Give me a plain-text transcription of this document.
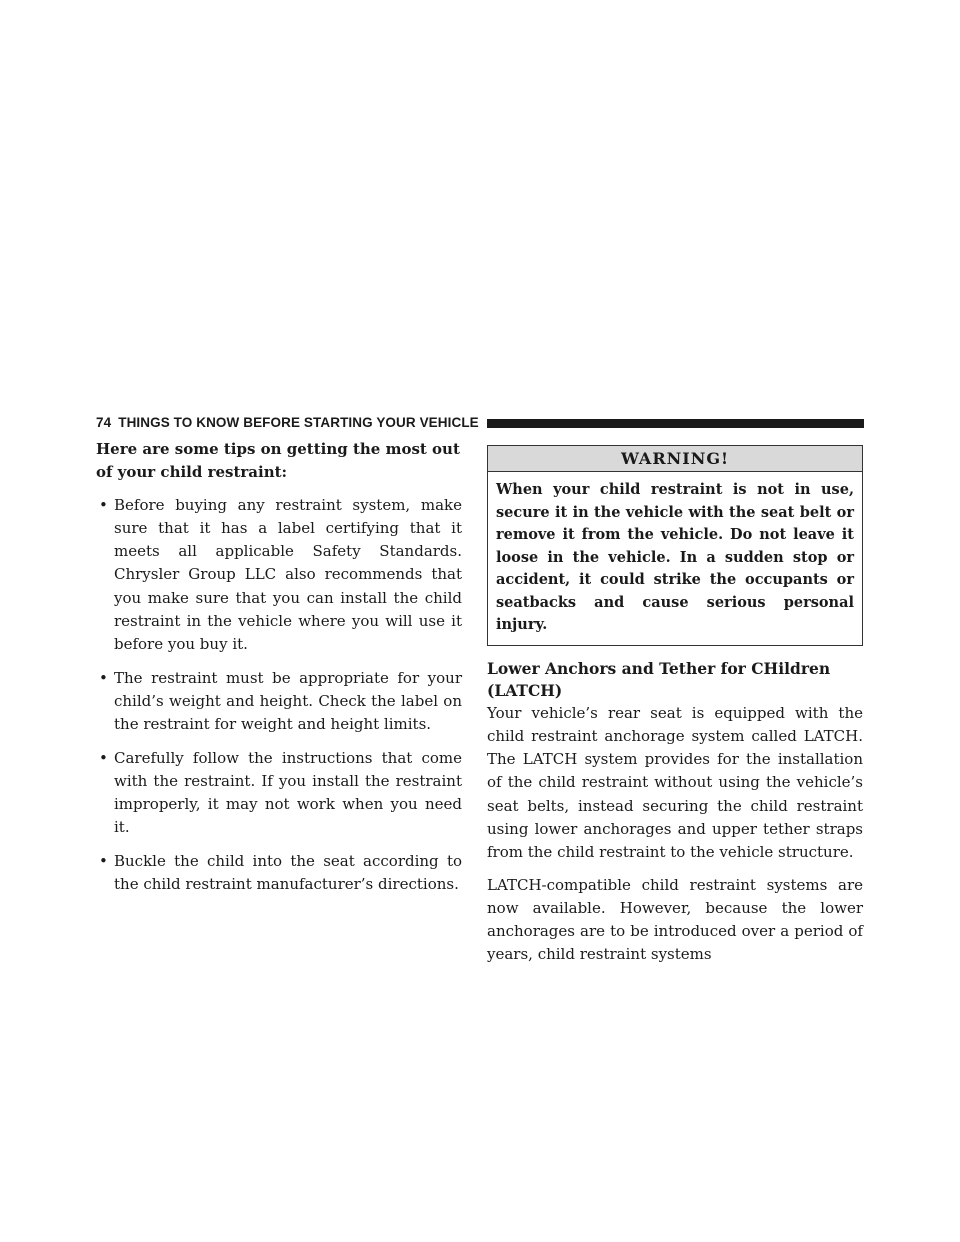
74 THINGS TO KNOW BEFORE STARTING YOUR VEHICLE

Here are some tips on getting the most out of your child restraint:

• Before buying any restraint system, make sure that it has a label certifying that it meets all applicable Safety Standards. Chrysler Group LLC also recommends that you make sure that you can install the child restraint in the vehicle where you will use it before you buy it.
• The restraint must be appropriate for your child’s weight and height. Check the label on the restraint for weight and height limits.
• Carefully follow the instructions that come with the restraint. If you install the restraint improperly, it may not work when you need it.
• Buckle the child into the seat according to the child restraint manufacturer’s directions.
WARNING!
When your child restraint is not in use, secure it in the vehicle with the seat belt or remove it from the vehicle. Do not leave it loose in the vehicle. In a sudden stop or accident, it could strike the occupants or seatbacks and cause serious personal injury.
Lower Anchors and Tether for CHildren (LATCH)

Your vehicle’s rear seat is equipped with the child restraint anchorage system called LATCH. The LATCH system provides for the installation of the child restraint without using the vehicle’s seat belts, instead securing the child restraint using lower anchorages and upper tether straps from the child restraint to the vehicle structure.

LATCH-compatible child restraint systems are now available. However, because the lower anchorages are to be introduced over a period of years, child restraint systems
